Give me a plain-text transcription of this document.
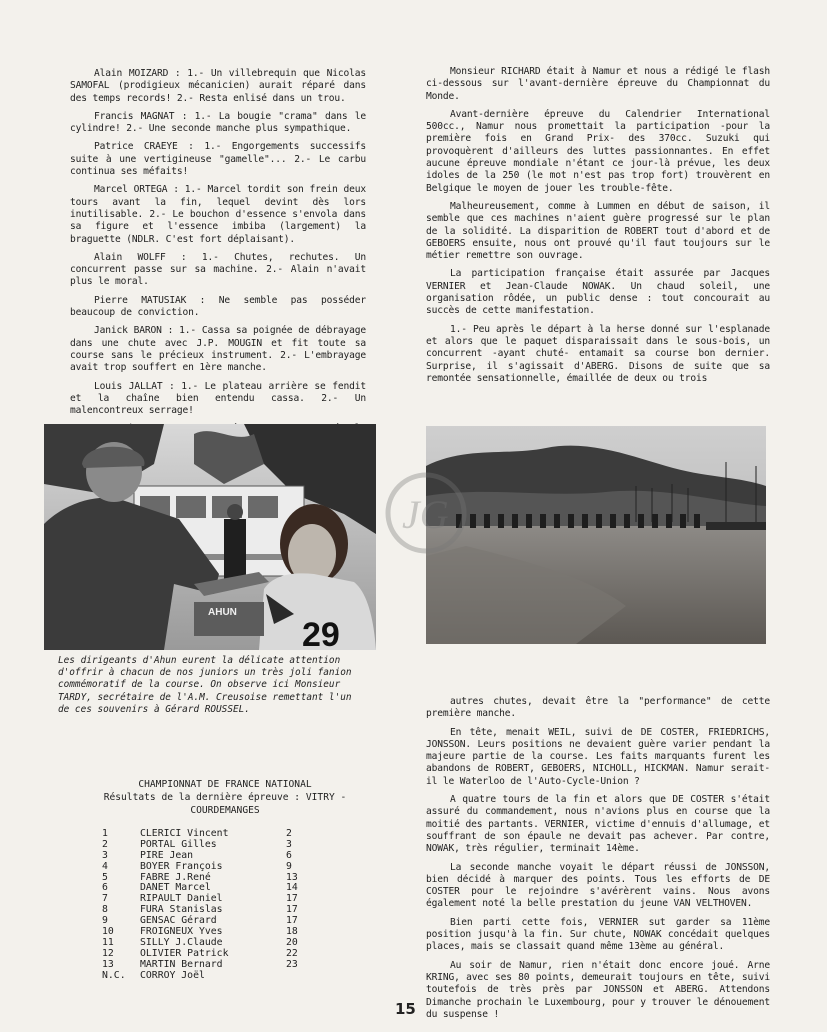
Alain MOIZARD : 1.- Un villebrequin que Nicolas SAMOFAL (prodigieux mécanicien) aurait réparé dans des temps records! 2.- Resta enlisé dans un trou.

Francis MAGNAT : 1.- La bougie "crama" dans le cylindre! 2.- Une seconde manche plus sympathique.

Patrice CRAEYE : 1.- Engorgements successifs suite à une vertigineuse "gamelle"... 2.- Le carbu continua ses méfaits!

Marcel ORTEGA : 1.- Marcel tordit son frein deux tours avant la fin, lequel devint dès lors inutilisable. 2.- Le bouchon d'essence s'envola dans sa figure et l'essence imbiba (largement) la braguette (NDLR. C'est fort déplaisant).

Alain WOLFF : 1.- Chutes, rechutes. Un concurrent passe sur sa machine. 2.- Alain n'avait plus le moral.

Pierre MATUSIAK : Ne semble pas posséder beaucoup de conviction.

Janick BARON : 1.- Cassa sa poignée de débrayage dans une chute avec J.P. MOUGIN et fit toute sa course sans le précieux instrument. 2.- L'embrayage avait trop souffert en 1ère manche.

Louis JALLAT : 1.- Le plateau arrière se fendit et la chaîne bien entendu cassa. 2.- Un malencontreux serrage!

Monsieur RICHARD était à Namur et nous a rédigé le flash ci-dessous sur l'avant-dernière épreuve du Championnat du Monde.

Avant-dernière épreuve du Calendrier International 500cc., Namur nous promettait la participation -pour la première fois en Grand Prix- des 370cc. Suzuki qui provoquèrent d'ailleurs des luttes passionnantes. En effet aucune épreuve mondiale n'étant ce jour-là prévue, les deux idoles de la 250 (le mot n'est pas trop fort) trouvèrent en Belgique le moyen de jouer les trouble-fête.

Malheureusement, comme à Lummen en début de saison, il semble que ces machines n'aient guère progressé sur le plan de la solidité. La disparition de ROBERT tout d'abord et de GEBOERS ensuite, nous ont prouvé qu'il faut toujours sur le métier remettre son ouvrage.

La participation française était assurée par Jacques VERNIER et Jean-Claude NOWAK. Un chaud soleil, une organisation rôdée, un public dense : tout concourait au succès de cette manifestation.

1.- Peu après le départ à la herse donné sur l'esplanade et alors que le paquet disparaissait dans le sous-bois, un concurrent -ayant chuté- entamait sa course bon dernier. Surprise, il s'agissait d'ABERG. Disons de suite que sa remontée sensationnelle, émaillée de deux ou trois

AHUN
29
JG
Les dirigeants d'Ahun eurent la délicate attention d'offrir à chacun de nos juniors un très joli fanion commémoratif de la course. On observe ici Monsieur TARDY, secrétaire de l'A.M. Creusoise remettant l'un de ces souvenirs à Gérard ROUSSEL.

autres chutes, devait être la "performance" de cette première manche.

En tête, menait WEIL, suivi de DE COSTER, FRIEDRICHS, JONSSON. Leurs positions ne devaient guère varier pendant la majeure partie de la course. Les faits marquants furent les abandons de ROBERT, GEBOERS, NICHOLL, HICKMAN. Namur serait-il le Waterloo de l'Auto-Cycle-Union ?

A quatre tours de la fin et alors que DE COSTER s'était assuré du commandement, nous n'avions plus en course que la moitié des partants. VERNIER, victime d'ennuis d'allumage, et souffrant de son épaule ne devait pas achever. Par contre, NOWAK, très régulier, terminait 14ème.

La seconde manche voyait le départ réussi de JONSSON, bien décidé à marquer des points. Tous les efforts de DE COSTER pour le rejoindre s'avérèrent vains. Nous avons également noté la belle prestation du jeune VAN VELTHOVEN.

Bien parti cette fois, VERNIER sut garder sa 11ème position jusqu'à la fin. Sur chute, NOWAK concédait quelques places, mais se classait quand même 13ème au général.

Au soir de Namur, rien n'était donc encore joué. Arne KRING, avec ses 80 points, demeurait toujours en tête, suivi toutefois de très près par JONSSON et ABERG. Attendons Dimanche prochain le Luxembourg, pour y trouver le dénouement du suspense !

CHAMPIONNAT DE FRANCE NATIONAL
Résultats de la dernière épreuve : VITRY - COURDEMANGES
1	CLERICI Vincent	2
2	PORTAL Gilles	3
3	PIRE Jean	6
4	BOYER François	9
5	FABRE J.René	13
6	DANET Marcel	14
7	RIPAULT Daniel	17
8	FURA Stanislas	17
9	GENSAC Gérard	17
10	FROIGNEUX Yves	18
11	SILLY J.Claude	20
12	OLIVIER Patrick	22
13	MARTIN Bernard	23
N.C.	CORROY Joël
15
